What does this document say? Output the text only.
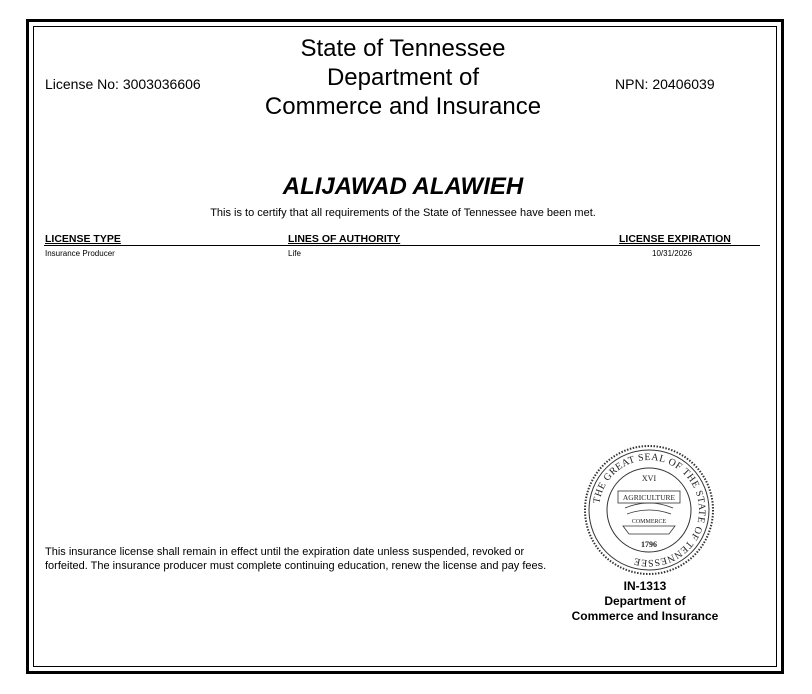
License No: 3003036606	NPN: 20406039
State of Tennessee
Department of
Commerce and Insurance
ALIJAWAD ALAWIEH
This is to certify that all requirements of the State of Tennessee have been met.
LICENSE TYPE	LINES OF AUTHORITY	LICENSE EXPIRATION
Insurance Producer	Life	10/31/2026
THE GREAT SEAL OF THE STATE OF TENNESSEE
XVI
AGRICULTURE
COMMERCE
1796
This insurance license shall remain in effect until the expiration date unless suspended, revoked or
forfeited. The insurance producer must complete continuing education, renew the license and pay fees.
IN-1313
Department of
Commerce and Insurance
